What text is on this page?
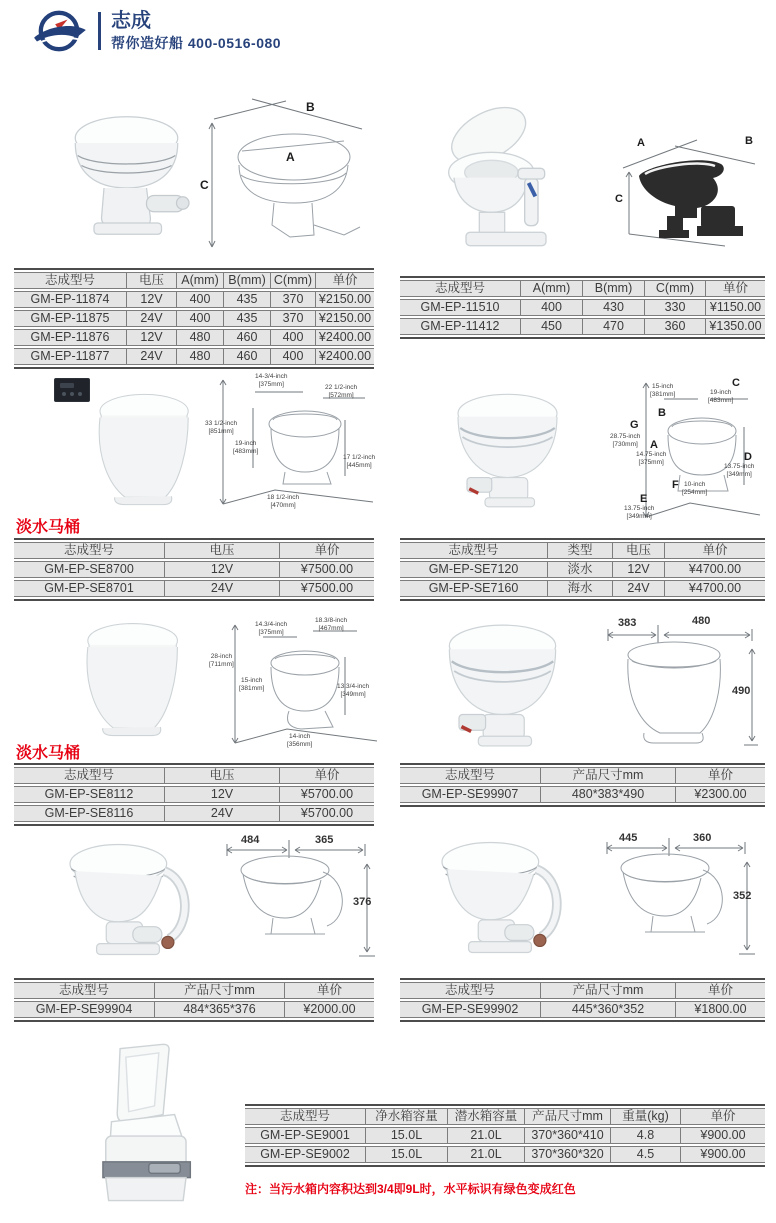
志成
帮你造好船 400-0516-080
B
A
C
A	B
C
志成型号	电压	A(mm)	B(mm)	C(mm)	单价
GM-EP-11874	12V	400	435	370	¥2150.00
GM-EP-11875	24V	400	435	370	¥2150.00
GM-EP-11876	12V	480	460	400	¥2400.00
GM-EP-11877	24V	480	460	400	¥2400.00
志成型号	A(mm)	B(mm)	C(mm)	单价
GM-EP-11510	400	430	330	¥1150.00
GM-EP-11412	450	470	360	¥1350.00
14-3/4-inch
[375mm]	22 1/2-inch
[572mm]
33 1/2-inch
[851mm]
19-inch
[483mm]
17 1/2-inch
[445mm]
18 1/2-inch
[470mm]
G
28.75-inch
[730mm]
15-inch
[381mm]
B
C
19-inch
[483mm]
A
14.75-inch
[375mm]	D
13.75-inch
[349mm]
F 10-inch
[254mm]
E
13.75-inch
[349mm]
淡水马桶
志成型号	电压	单价
GM-EP-SE8700	12V	¥7500.00
GM-EP-SE8701	24V	¥7500.00
志成型号	类型	电压	单价
GM-EP-SE7120	淡水	12V	¥4700.00
GM-EP-SE7160	海水	24V	¥4700.00
28-inch
[711mm]
14.3/4-inch
[375mm]
18.3/8-inch
[467mm]
15-inch
[381mm]	13.3/4-inch
[349mm]
14-inch
[356mm]
383	480
490
淡水马桶
志成型号	电压	单价
GM-EP-SE8112	12V	¥5700.00
GM-EP-SE8116	24V	¥5700.00
志成型号	产品尺寸mm	单价
GM-EP-SE99907	480*383*490	¥2300.00
484	365
376
445	360
352
志成型号	产品尺寸mm	单价
GM-EP-SE99904	484*365*376	¥2000.00
志成型号	产品尺寸mm	单价
GM-EP-SE99902	445*360*352	¥1800.00
志成型号	净水箱容量	潜水箱容量	产品尺寸mm	重量(kg)	单价
GM-EP-SE9001	15.0L	21.0L	370*360*410	4.8	¥900.00
GM-EP-SE9002	15.0L	21.0L	370*360*320	4.5	¥900.00
注：当污水箱内容积达到3/4即9L时，水平标识有绿色变成红色
